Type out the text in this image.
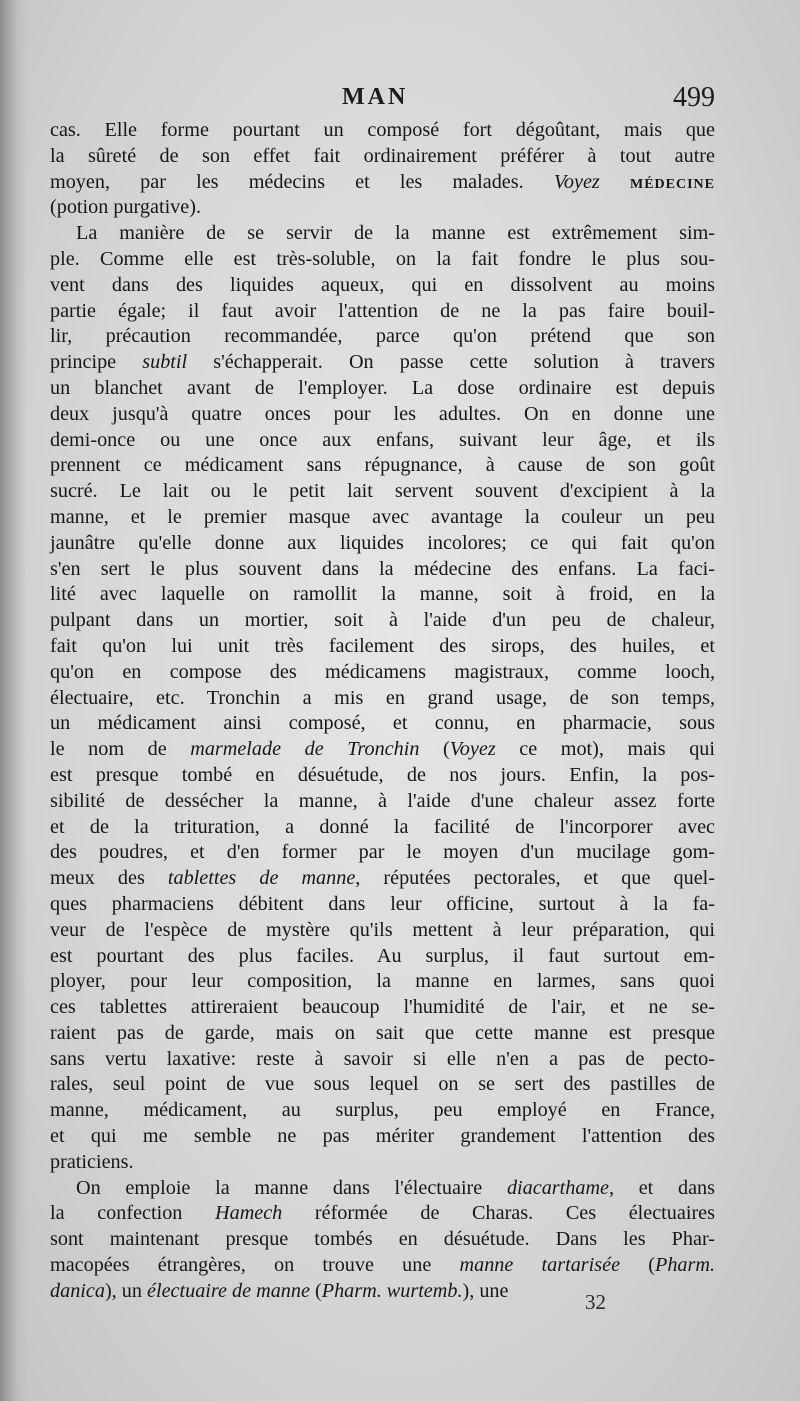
MAN	499
cas. Elle forme pourtant un composé fort dégoûtant, mais que
la sûreté de son effet fait ordinairement préférer à tout autre
moyen, par les médecins et les malades. Voyez MÉDECINE
(potion purgative).
La manière de se servir de la manne est extrêmement sim-
ple. Comme elle est très-soluble, on la fait fondre le plus sou-
vent dans des liquides aqueux, qui en dissolvent au moins
partie égale; il faut avoir l'attention de ne la pas faire bouil-
lir, précaution recommandée, parce qu'on prétend que son
principe subtil s'échapperait. On passe cette solution à travers
un blanchet avant de l'employer. La dose ordinaire est depuis
deux jusqu'à quatre onces pour les adultes. On en donne une
demi-once ou une once aux enfans, suivant leur âge, et ils
prennent ce médicament sans répugnance, à cause de son goût
sucré. Le lait ou le petit lait servent souvent d'excipient à la
manne, et le premier masque avec avantage la couleur un peu
jaunâtre qu'elle donne aux liquides incolores; ce qui fait qu'on
s'en sert le plus souvent dans la médecine des enfans. La faci-
lité avec laquelle on ramollit la manne, soit à froid, en la
pulpant dans un mortier, soit à l'aide d'un peu de chaleur,
fait qu'on lui unit très facilement des sirops, des huiles, et
qu'on en compose des médicamens magistraux, comme looch,
électuaire, etc. Tronchin a mis en grand usage, de son temps,
un médicament ainsi composé, et connu, en pharmacie, sous
le nom de marmelade de Tronchin (Voyez ce mot), mais qui
est presque tombé en désuétude, de nos jours. Enfin, la pos-
sibilité de dessécher la manne, à l'aide d'une chaleur assez forte
et de la trituration, a donné la facilité de l'incorporer avec
des poudres, et d'en former par le moyen d'un mucilage gom-
meux des tablettes de manne, réputées pectorales, et que quel-
ques pharmaciens débitent dans leur officine, surtout à la fa-
veur de l'espèce de mystère qu'ils mettent à leur préparation, qui
est pourtant des plus faciles. Au surplus, il faut surtout em-
ployer, pour leur composition, la manne en larmes, sans quoi
ces tablettes attireraient beaucoup l'humidité de l'air, et ne se-
raient pas de garde, mais on sait que cette manne est presque
sans vertu laxative: reste à savoir si elle n'en a pas de pecto-
rales, seul point de vue sous lequel on se sert des pastilles de
manne, médicament, au surplus, peu employé en France,
et qui me semble ne pas mériter grandement l'attention des
praticiens.
On emploie la manne dans l'électuaire diacarthame, et dans
la confection Hamech réformée de Charas. Ces électuaires
sont maintenant presque tombés en désuétude. Dans les Phar-
macopées étrangères, on trouve une manne tartarisée (Pharm.
danica), un électuaire de manne (Pharm. wurtemb.), une	32
